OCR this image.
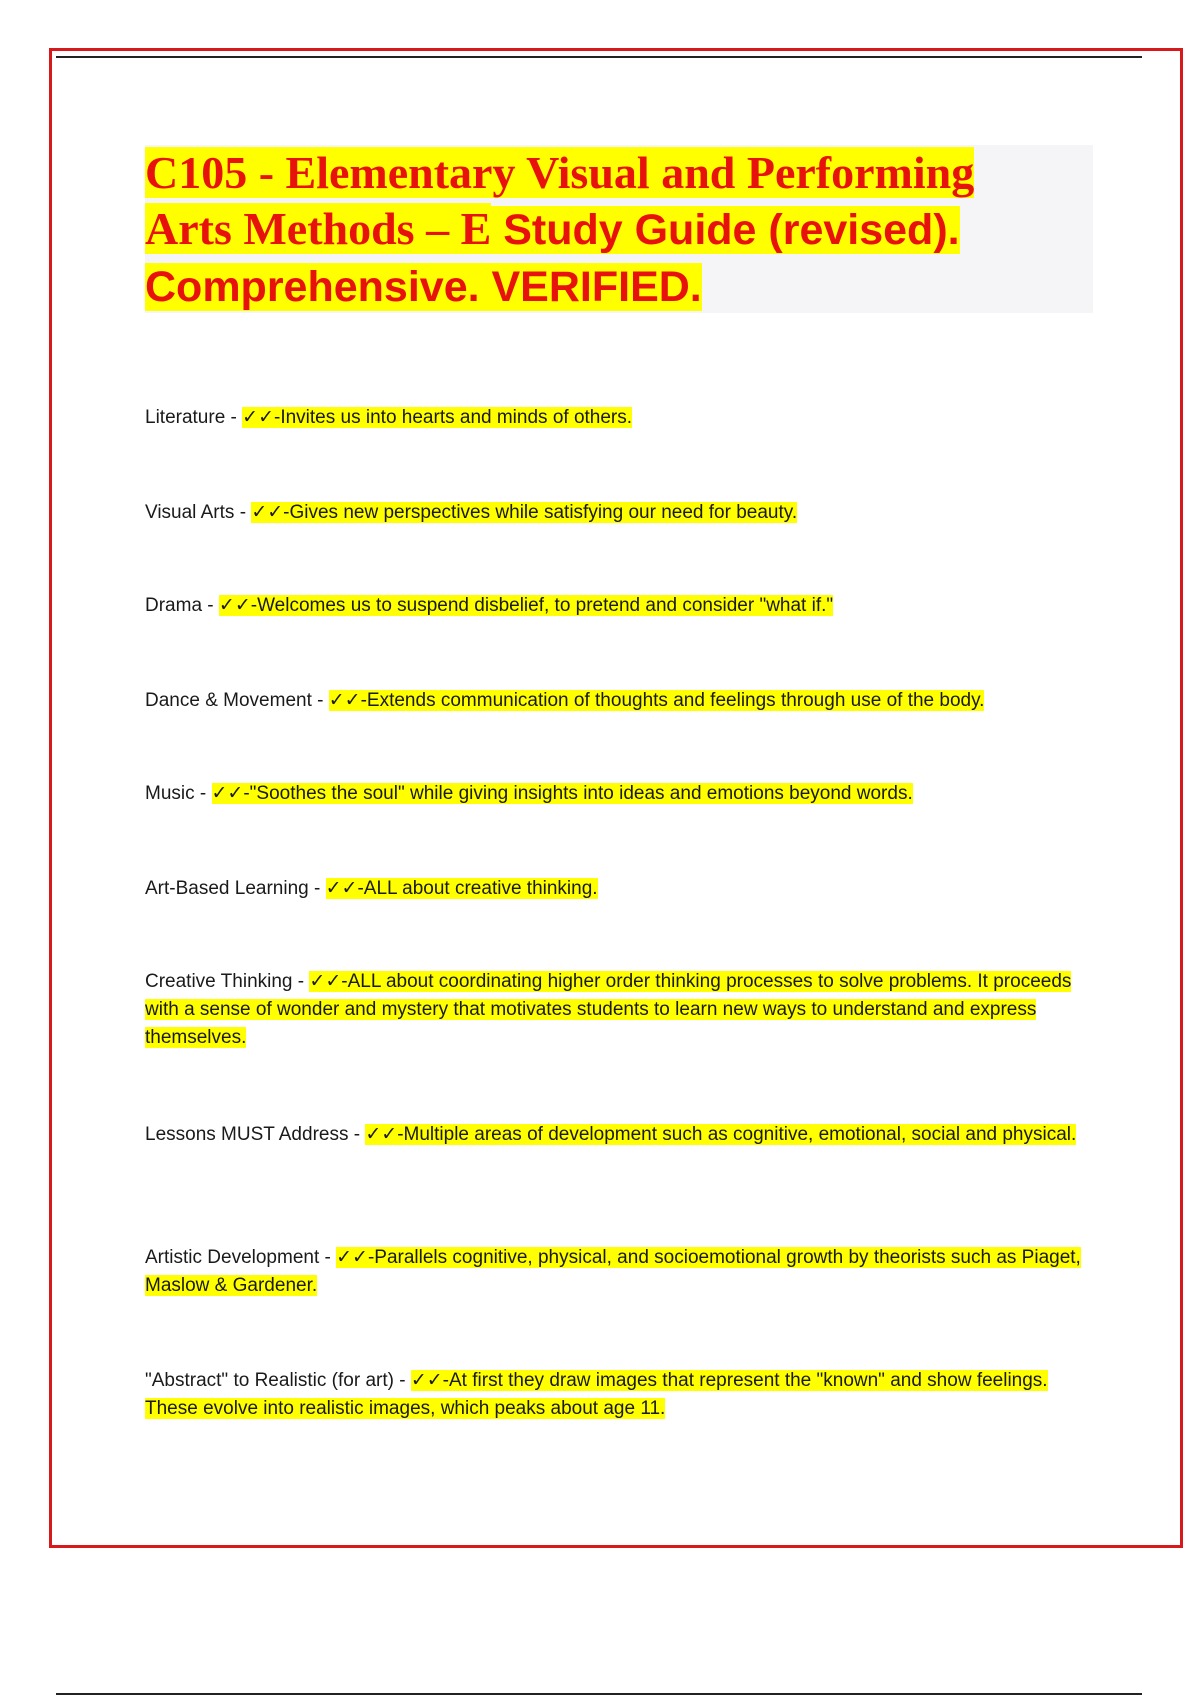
C105 - Elementary Visual and Performing
Arts Methods – E Study Guide (revised).
Comprehensive. VERIFIED.

Literature - ✓✓-Invites us into hearts and minds of others.

Visual Arts - ✓✓-Gives new perspectives while satisfying our need for beauty.

Drama - ✓✓-Welcomes us to suspend disbelief, to pretend and consider "what if."

Dance & Movement - ✓✓-Extends communication of thoughts and feelings through use of the body.

Music - ✓✓-"Soothes the soul" while giving insights into ideas and emotions beyond words.

Art-Based Learning - ✓✓-ALL about creative thinking.

Creative Thinking - ✓✓-ALL about coordinating higher order thinking processes to solve problems. It proceeds with a sense of wonder and mystery that motivates students to learn new ways to understand and express themselves.

Lessons MUST Address - ✓✓-Multiple areas of development such as cognitive, emotional, social and physical.

Artistic Development - ✓✓-Parallels cognitive, physical, and socioemotional growth by theorists such as Piaget, Maslow & Gardener.

"Abstract" to Realistic (for art) - ✓✓-At first they draw images that represent the "known" and show feelings. These evolve into realistic images, which peaks about age 11.
